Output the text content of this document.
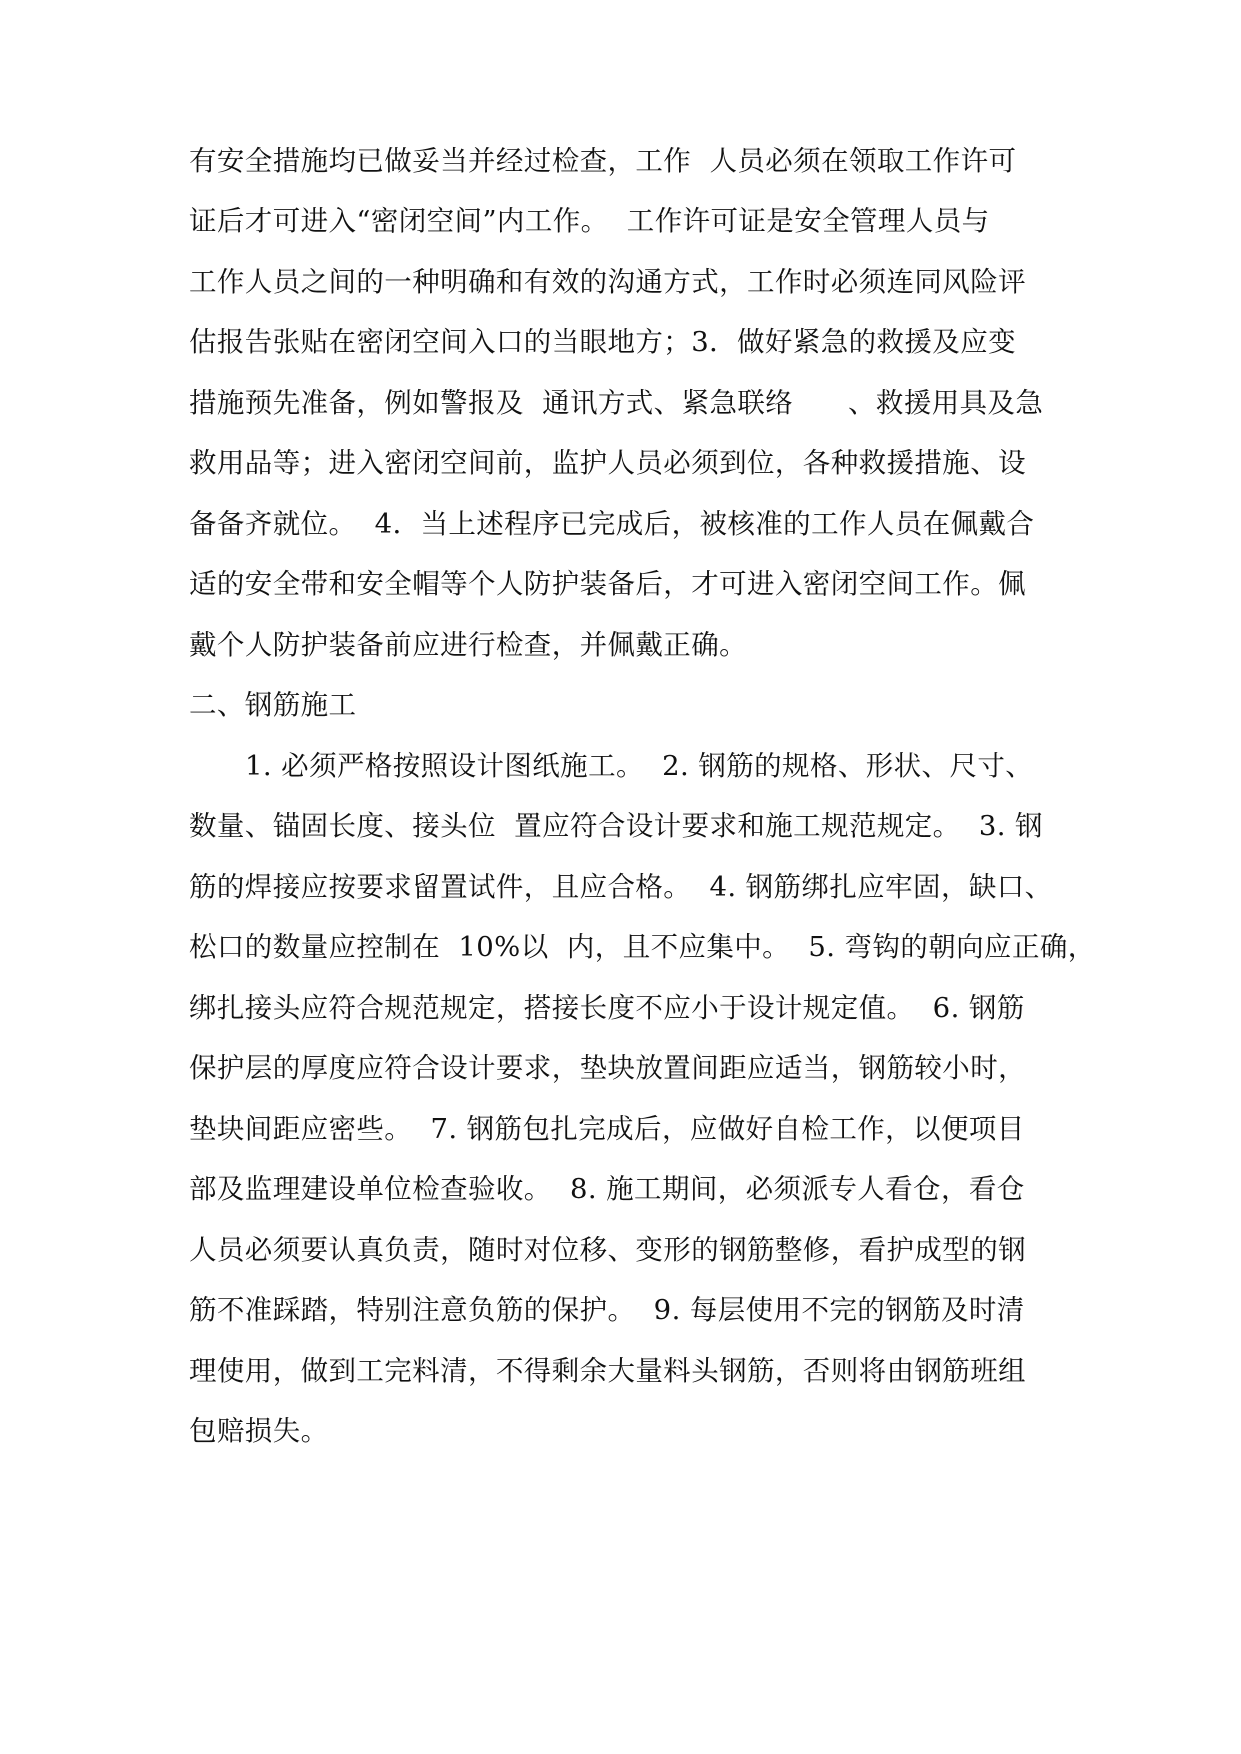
有安全措施均已做妥当并经过检查，工作  人员必须在领取工作许可
证后才可进入“密闭空间”内工作。  工作许可证是安全管理人员与
工作人员之间的一种明确和有效的沟通方式，工作时必须连同风险评
估报告张贴在密闭空间入口的当眼地方；3．做好紧急的救援及应变
措施预先准备，例如警报及  通讯方式、紧急联络      、救援用具及急
救用品等；进入密闭空间前，监护人员必须到位，各种救援措施、设
备备齐就位。  4．当上述程序已完成后，被核准的工作人员在佩戴合
适的安全带和安全帽等个人防护装备后，才可进入密闭空间工作。佩
戴个人防护装备前应进行检查，并佩戴正确。
二、钢筋施工
1. 必须严格按照设计图纸施工。  2. 钢筋的规格、形状、尺寸、
数量、锚固长度、接头位  置应符合设计要求和施工规范规定。  3. 钢
筋的焊接应按要求留置试件，且应合格。  4. 钢筋绑扎应牢固，缺口、
松口的数量应控制在  10%以  内，且不应集中。  5. 弯钩的朝向应正确，
绑扎接头应符合规范规定，搭接长度不应小于设计规定值。  6. 钢筋
保护层的厚度应符合设计要求，垫块放置间距应适当，钢筋较小时，
垫块间距应密些。  7. 钢筋包扎完成后，应做好自检工作，以便项目
部及监理建设单位检查验收。  8. 施工期间，必须派专人看仓，看仓
人员必须要认真负责，随时对位移、变形的钢筋整修，看护成型的钢
筋不准踩踏，特别注意负筋的保护。  9. 每层使用不完的钢筋及时清
理使用，做到工完料清，不得剩余大量料头钢筋，否则将由钢筋班组
包赔损失。
